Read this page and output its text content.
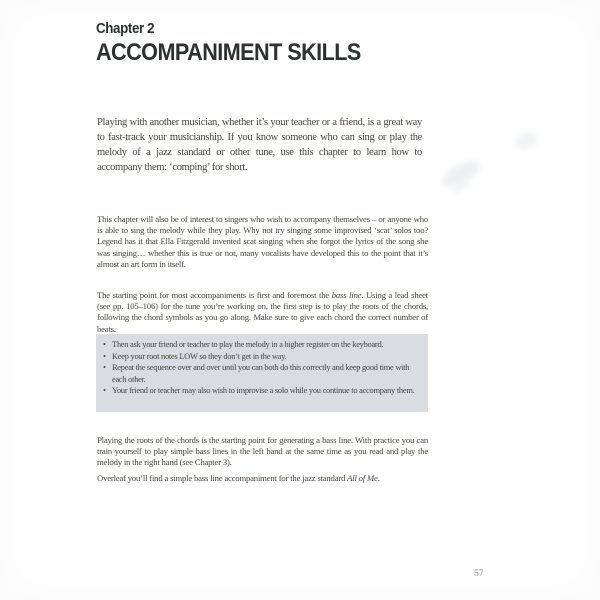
Chapter 2
ACCOMPANIMENT SKILLS

Playing with another musician, whether it’s your teacher or a friend, is a great way to fast-track your musicianship. If you know someone who can sing or play the melody of a jazz standard or other tune, use this chapter to learn how to accompany them: ‘comping’ for short.

This chapter will also be of interest to singers who wish to accompany themselves – or anyone who is able to sing the melody while they play. Why not try singing some improvised ‘scat’ solos too? Legend has it that Ella Fitzgerald invented scat singing when she forgot the lyrics of the song she was singing… whether this is true or not, many vocalists have developed this to the point that it’s almost an art form in itself.

The starting point for most accompaniments is first and foremost the bass line. Using a lead sheet (see pp. 105–106) for the tune you’re working on, the first step is to play the roots of the chords, following the chord symbols as you go along. Make sure to give each chord the correct number of beats.

• Then ask your friend or teacher to play the melody in a higher register on the keyboard.
• Keep your root notes LOW so they don’t get in the way.
• Repeat the sequence over and over until you can both do this correctly and keep good time with each other.
• Your friend or teacher may also wish to improvise a solo while you continue to accompany them.

Playing the roots of the chords is the starting point for generating a bass line. With practice you can train yourself to play simple bass lines in the left hand at the same time as you read and play the melody in the right hand (see Chapter 3).

Overleaf you’ll find a simple bass line accompaniment for the jazz standard All of Me.

57
